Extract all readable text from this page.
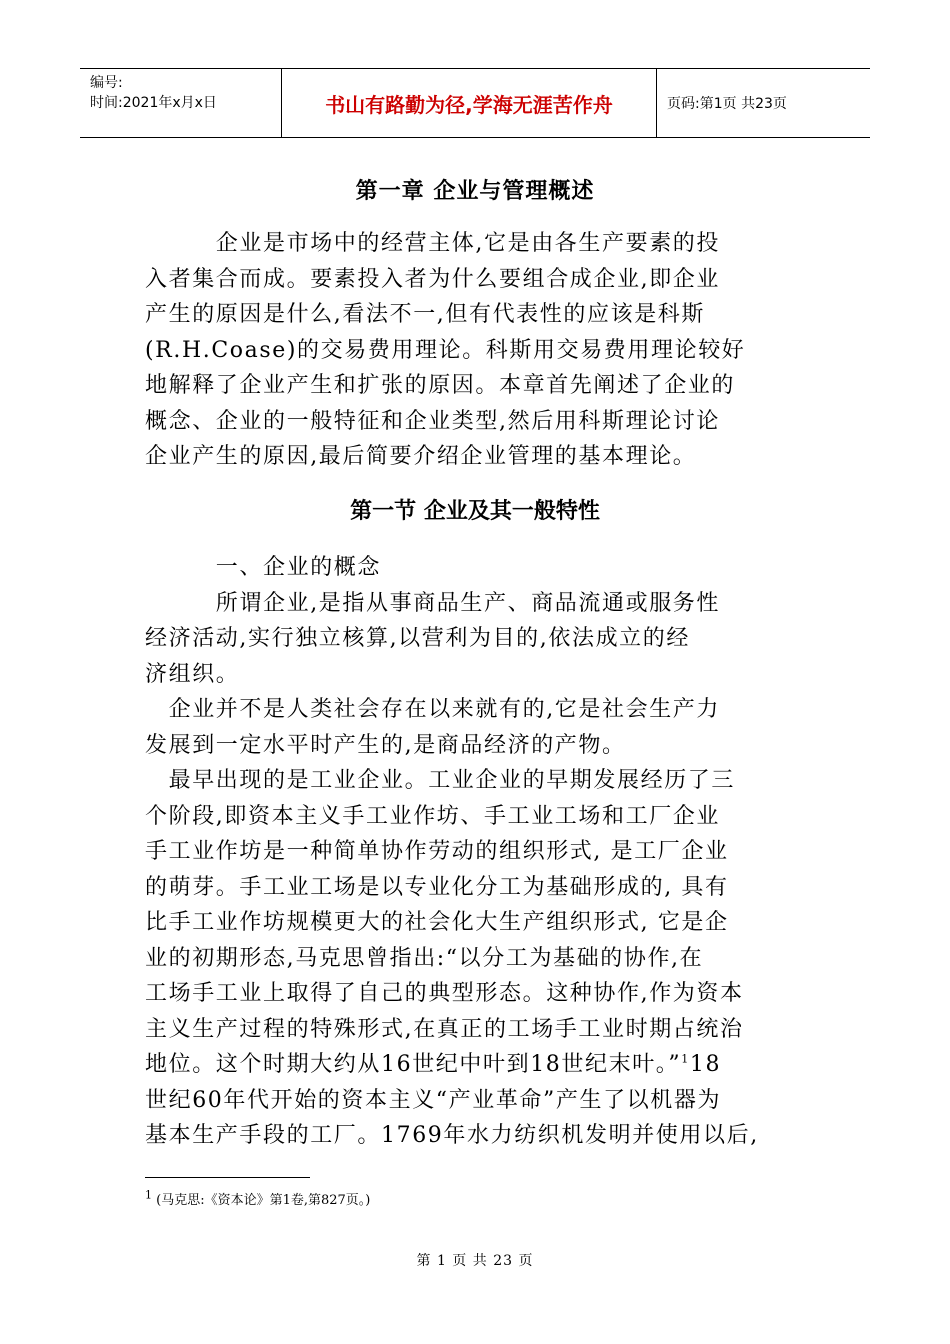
编号:
时间:2021年x月x日	书山有路勤为径,学海无涯苦作舟	页码:第1页 共23页
第一章 企业与管理概述
　　　企业是市场中的经营主体,它是由各生产要素的投
入者集合而成。要素投入者为什么要组合成企业,即企业
产生的原因是什么,看法不一,但有代表性的应该是科斯
(R.H.Coase)的交易费用理论。科斯用交易费用理论较好
地解释了企业产生和扩张的原因。本章首先阐述了企业的
概念、企业的一般特征和企业类型,然后用科斯理论讨论
企业产生的原因,最后简要介绍企业管理的基本理论。
第一节 企业及其一般特性
　　　一、企业的概念
　　　所谓企业,是指从事商品生产、商品流通或服务性
经济活动,实行独立核算,以营利为目的,依法成立的经
济组织。
　企业并不是人类社会存在以来就有的,它是社会生产力
发展到一定水平时产生的,是商品经济的产物。
　最早出现的是工业企业。工业企业的早期发展经历了三
个阶段,即资本主义手工业作坊、手工业工场和工厂企业
手工业作坊是一种简单协作劳动的组织形式, 是工厂企业
的萌芽。手工业工场是以专业化分工为基础形成的, 具有
比手工业作坊规模更大的社会化大生产组织形式, 它是企
业的初期形态,马克思曾指出:“以分工为基础的协作,在
工场手工业上取得了自己的典型形态。这种协作,作为资本
主义生产过程的特殊形式,在真正的工场手工业时期占统治
地位。这个时期大约从16世纪中叶到18世纪末叶。”$^1$18
世纪60年代开始的资本主义“产业革命”产生了以机器为
基本生产手段的工厂。1769年水力纺织机发明并使用以后,
$^1$ (马克思:《资本论》第1卷,第827页。)
第 1 页 共 23 页
